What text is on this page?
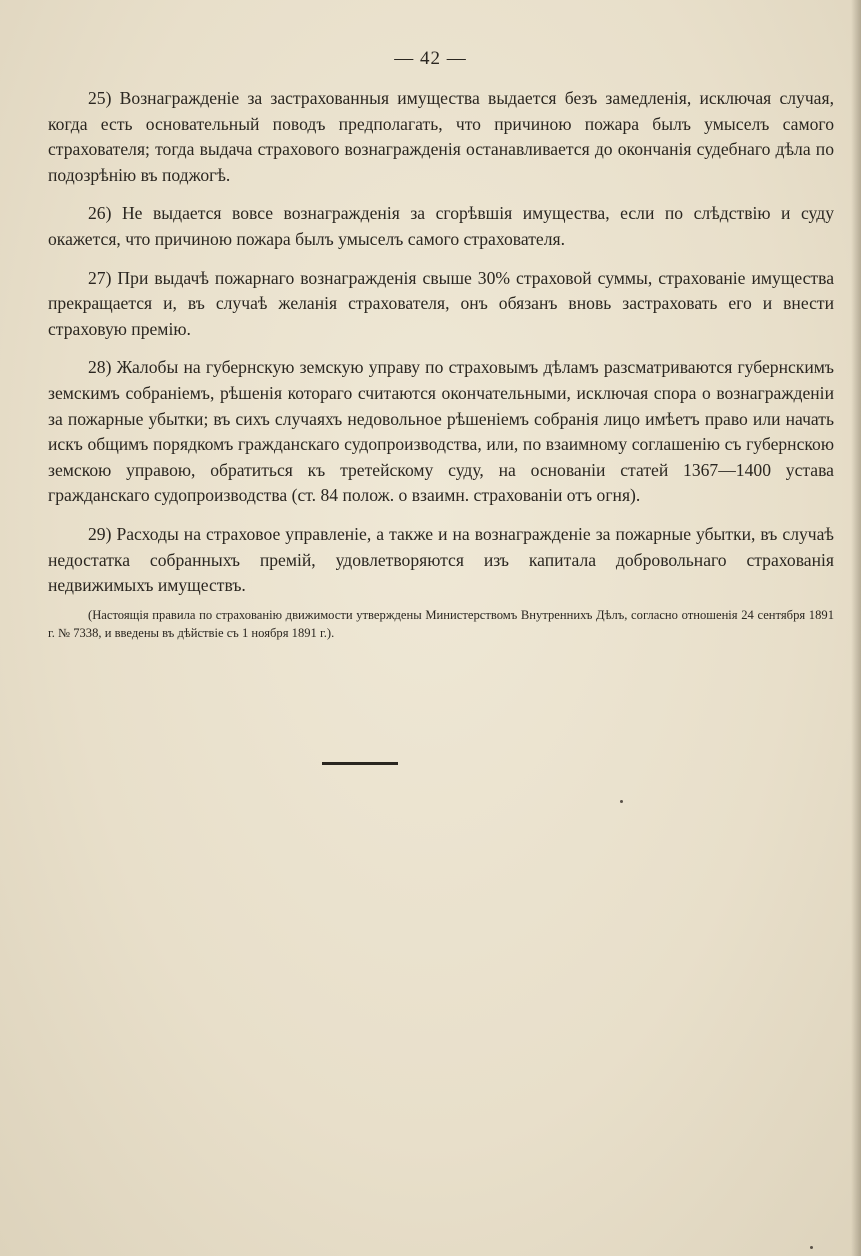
— 42 —

25) Вознагражденіе за застрахованныя имущества выдается безъ замедленія, исключая случая, когда есть основательный поводъ предполагать, что причиною пожара былъ умыселъ самого страхователя; тогда выдача страхового вознагражденія останавливается до окончанія судебнаго дѣла по подозрѣнію въ поджогѣ.

26) Не выдается вовсе вознагражденія за сгорѣвшія имущества, если по слѣдствію и суду окажется, что причиною пожара былъ умыселъ самого страхователя.

27) При выдачѣ пожарнаго вознагражденія свыше 30% страховой суммы, страхованіе имущества прекращается и, въ случаѣ желанія страхователя, онъ обязанъ вновь застраховать его и внести страховую премію.

28) Жалобы на губернскую земскую управу по страховымъ дѣламъ разсматриваются губернскимъ земскимъ собраніемъ, рѣшенія котораго считаются окончательными, исключая спора о вознагражденіи за пожарные убытки; въ сихъ случаяхъ недовольное рѣшеніемъ собранія лицо имѣетъ право или начать искъ общимъ порядкомъ гражданскаго судопроизводства, или, по взаимному соглашенію съ губернскою земскою управою, обратиться къ третейскому суду, на основаніи статей 1367—1400 устава гражданскаго судопроизводства (ст. 84 полож. о взаимн. страхованіи отъ огня).

29) Расходы на страховое управленіе, а также и на вознагражденіе за пожарные убытки, въ случаѣ недостатка собранныхъ премій, удовлетворяются изъ капитала добровольнаго страхованія недвижимыхъ имуществъ.

(Настоящія правила по страхованію движимости утверждены Министерствомъ Внутреннихъ Дѣлъ, согласно отношенія 24 сентября 1891 г. № 7338, и введены въ дѣйствіе съ 1 ноября 1891 г.).
